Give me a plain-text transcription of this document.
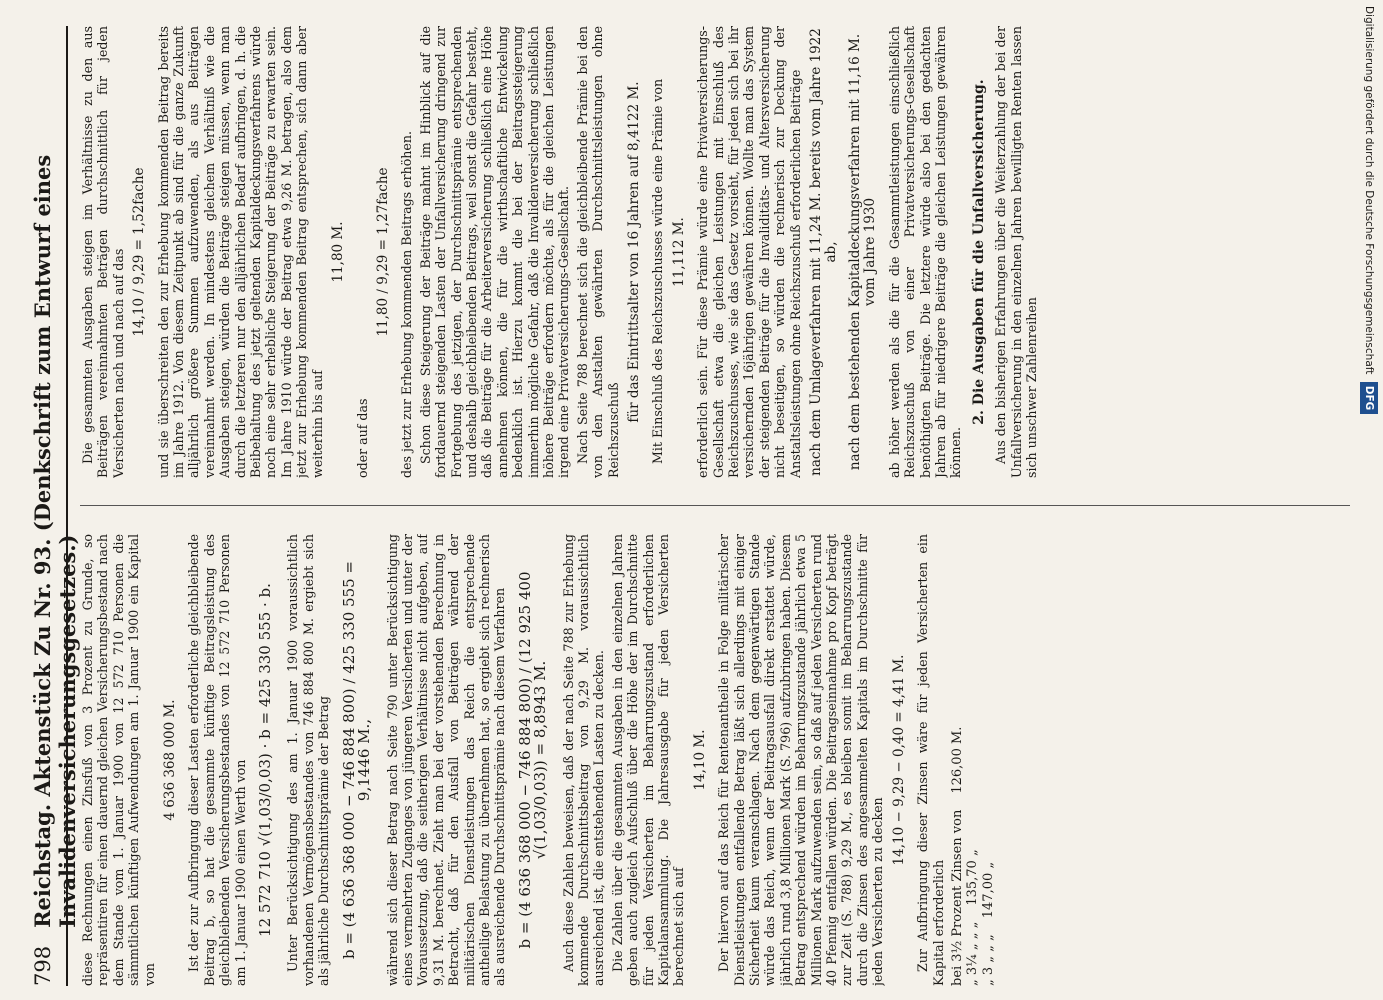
798
Reichstag. Aktenstück Zu Nr. 93. (Denkschrift zum Entwurf eines Invalidenversicherungsgesetzes.) diese Rechnungen einen Zinsfuß von 3 Prozent zu Grunde, so repräsentiren für einen dauernd gleichen Versicherungsbestand nach dem Stande vom 1. Januar 1900 von 12 572 710 Personen die sämmtlichen künftigen Aufwendungen am 1. Januar 1900 ein Kapital von

4 636 368 000 M. Ist der zur Aufbringung dieser Lasten erforderliche gleichbleibende Beitrag b, so hat die gesammte künftige Beitragsleistung des gleichbleibenden Versicherungsbestandes von 12 572 710 Personen am 1. Januar 1900 einen Werth von 12 572 710 √(1,03/0,03) · b = 425 330 555 · b. Unter Berücksichtigung des am 1. Januar 1900 voraussichtlich vorhandenen Vermögensbestandes von 746 884 800 M. ergiebt sich als jährliche Durchschnittsprämie der Betrag b = (4 636 368 000 − 746 884 800) / 425 330 555 = 9,1446 M., während sich dieser Betrag nach Seite 790 unter Berücksichtigung eines vermehrten Zuganges von jüngeren Versicherten und unter der Voraussetzung, daß die seitherigen Verhältnisse nicht aufgeben, auf 9,31 M. berechnet. Zieht man bei der vorstehenden Berechnung in Betracht, daß für den Ausfall von Beiträgen während der militärischen Dienstleistungen das Reich die entsprechende antheilige Belastung zu übernehmen hat, so ergiebt sich rechnerisch als ausreichende Durchschnittsprämie nach diesem Verfahren b = (4 636 368 000 − 746 884 800) / (12 925 400 √(1,03/0,03)) = 8,8943 M. Auch diese Zahlen beweisen, daß der nach Seite 788 zur Erhebung kommende Durchschnittsbeitrag von 9,29 M. voraussichtlich ausreichend ist, die entstehenden Lasten zu decken. Die Zahlen über die gesammten Ausgaben in den einzelnen Jahren geben auch zugleich Aufschluß über die Höhe der im Durchschnitte für jeden Versicherten im Beharrungszustand erforderlichen Kapitalansammlung. Die Jahresausgabe für jeden Versicherten berechnet sich auf

14,10 M. Der hiervon auf das Reich für Rentenantheile in Folge militärischer Dienstleistungen entfallende Betrag läßt sich allerdings mit einiger Sicherheit kaum veranschlagen. Nach dem gegenwärtigen Stande würde das Reich, wenn der Beitragsausfall direkt erstattet würde, jährlich rund 3,8 Millionen Mark (S. 796) aufzubringen haben. Diesem Betrag entsprechend würden im Beharrungszustande jährlich etwa 5 Millionen Mark aufzuwenden sein, so daß auf jeden Versicherten rund 40 Pfennig entfallen würden. Die Beitragseinnahme pro Kopf beträgt zur Zeit (S. 788) 9,29 M., es bleiben somit im Beharrungszustande durch die Zinsen des angesammelten Kapitals im Durchschnitte für jeden Versicherten zu decken

14,10 − 9,29 − 0,40 = 4,41 M. Zur Aufbringung dieser Zinsen wäre für jeden Versicherten ein Kapital erforderlich bei 3½ Prozent Zinsen von
126,00 M.
„ 3¼ „ „ „
135,70 „
„ 3 „ „ „
147,00 „

Die gesammten Ausgaben steigen im Verhältnisse zu den aus Beiträgen vereinnahmten Beträgen durchschnittlich für jeden Versicherten nach und nach auf das 14,10 / 9,29 = 1,52fache und sie überschreiten den zur Erhebung kommenden Beitrag bereits im Jahre 1912. Von diesem Zeitpunkt ab sind für die ganze Zukunft alljährlich größere Summen aufzuwenden, als aus Beiträgen vereinnahmt werden. In mindestens gleichem Verhältniß wie die Ausgaben steigen, würden die Beiträge steigen müssen, wenn man durch die letzteren nur den alljährlichen Bedarf aufbringen, d. h. die Beibehaltung des jetzt geltenden Kapitaldeckungsverfahrens würde noch eine sehr erhebliche Steigerung der Beiträge zu erwarten sein. Im Jahre 1910 würde der Beitrag etwa 9,26 M. betragen, also dem jetzt zur Erhebung kommenden Beitrag entsprechen, sich dann aber weiterhin bis auf

11,80 M.

oder auf das

11,80 / 9,29 = 1,27fache des jetzt zur Erhebung kommenden Beitrags erhöhen. Schon diese Steigerung der Beiträge mahnt im Hinblick auf die fortdauernd steigenden Lasten der Unfallversicherung dringend zur Fortgebung des jetzigen, der Durchschnittsprämie entsprechenden und deshalb gleichbleibenden Beitrags, weil sonst die Gefahr besteht, daß die Beiträge für die Arbeiterversicherung schließlich eine Höhe annehmen können, die für die wirthschaftliche Entwickelung bedenklich ist. Hierzu kommt die bei der Beitragssteigerung immerhin mögliche Gefahr, daß die Invalidenversicherung schließlich höhere Beiträge erfordern möchte, als für die gleichen Leistungen irgend eine Privatversicherungs-Gesellschaft. Nach Seite 788 berechnet sich die gleichbleibende Prämie bei den von den Anstalten gewährten Durchschnittsleistungen ohne Reichszuschuß

für das Eintrittsalter von 16 Jahren auf 8,4122 M. Mit Einschluß des Reichszuschusses würde eine Prämie von 11,112 M. erforderlich sein. Für diese Prämie würde eine Privatversicherungs-Gesellschaft etwa die gleichen Leistungen mit Einschluß des Reichszuschusses, wie sie das Gesetz vorsieht, für jeden sich bei ihr versichernden 16jährigen gewähren können. Wollte man das System der steigenden Beiträge für die Invaliditäts- und Altersversicherung nicht beseitigen, so würden die rechnerisch zur Deckung der Anstaltsleistungen ohne Reichszuschuß erforderlichen Beiträge nach dem Umlageverfahren mit 11,24 M. bereits vom Jahre 1922 ab, nach dem bestehenden Kapitaldeckungsverfahren mit 11,16 M. vom Jahre 1930 ab höher werden als die für die Gesammtleistungen einschließlich Reichszuschuß von einer Privatversicherungs-Gesellschaft benöthigten Beiträge. Die letztere würde also bei den gedachten Jahren ab für niedrigere Beiträge die gleichen Leistungen gewähren können.

2. Die Ausgaben für die Unfallversicherung. Aus den bisherigen Erfahrungen über die Weiterzahlung der bei der Unfallversicherung in den einzelnen Jahren bewilligten Renten lassen sich unschwer Zahlenreihen

Digitalisierung gefördert durch die Deutsche Forschungsgemeinschaft DFG
